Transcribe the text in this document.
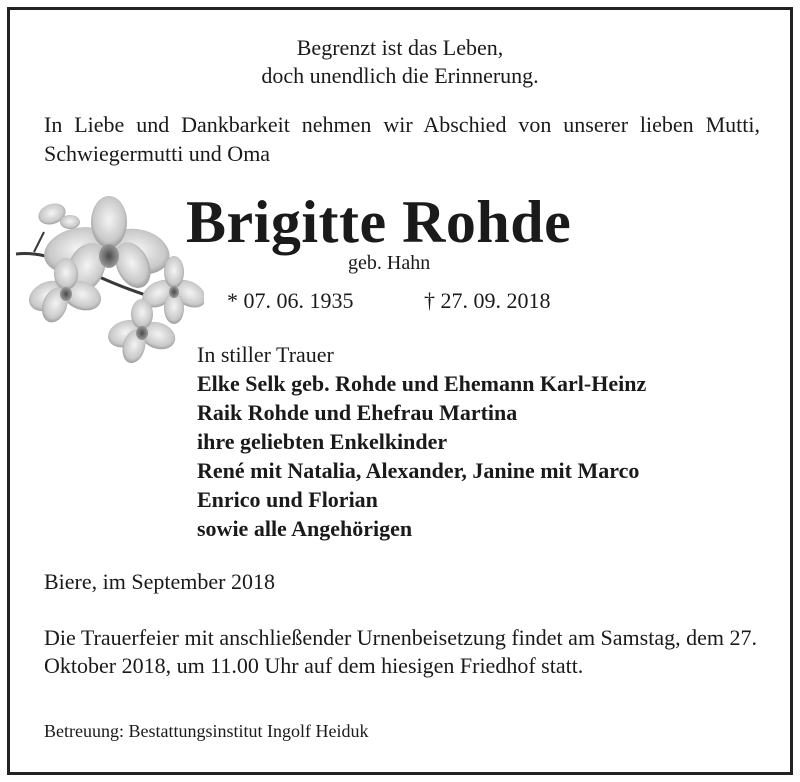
Begrenzt ist das Leben,
doch unendlich die Erinnerung.
In Liebe und Dankbarkeit nehmen wir Abschied von unserer lieben Mutti, Schwiegermutti und Oma
Brigitte Rohde
geb. Hahn
* 07. 06. 1935	† 27. 09. 2018
In stiller Trauer
Elke Selk geb. Rohde und Ehemann Karl-Heinz
Raik Rohde und Ehefrau Martina
ihre geliebten Enkelkinder
René mit Natalia, Alexander, Janine mit Marco
Enrico und Florian
sowie alle Angehörigen
Biere, im September 2018
Die Trauerfeier mit anschließender Urnenbeisetzung findet am Samstag, dem 27. Oktober 2018, um 11.00 Uhr auf dem hiesigen Friedhof statt.
Betreuung: Bestattungsinstitut Ingolf Heiduk
